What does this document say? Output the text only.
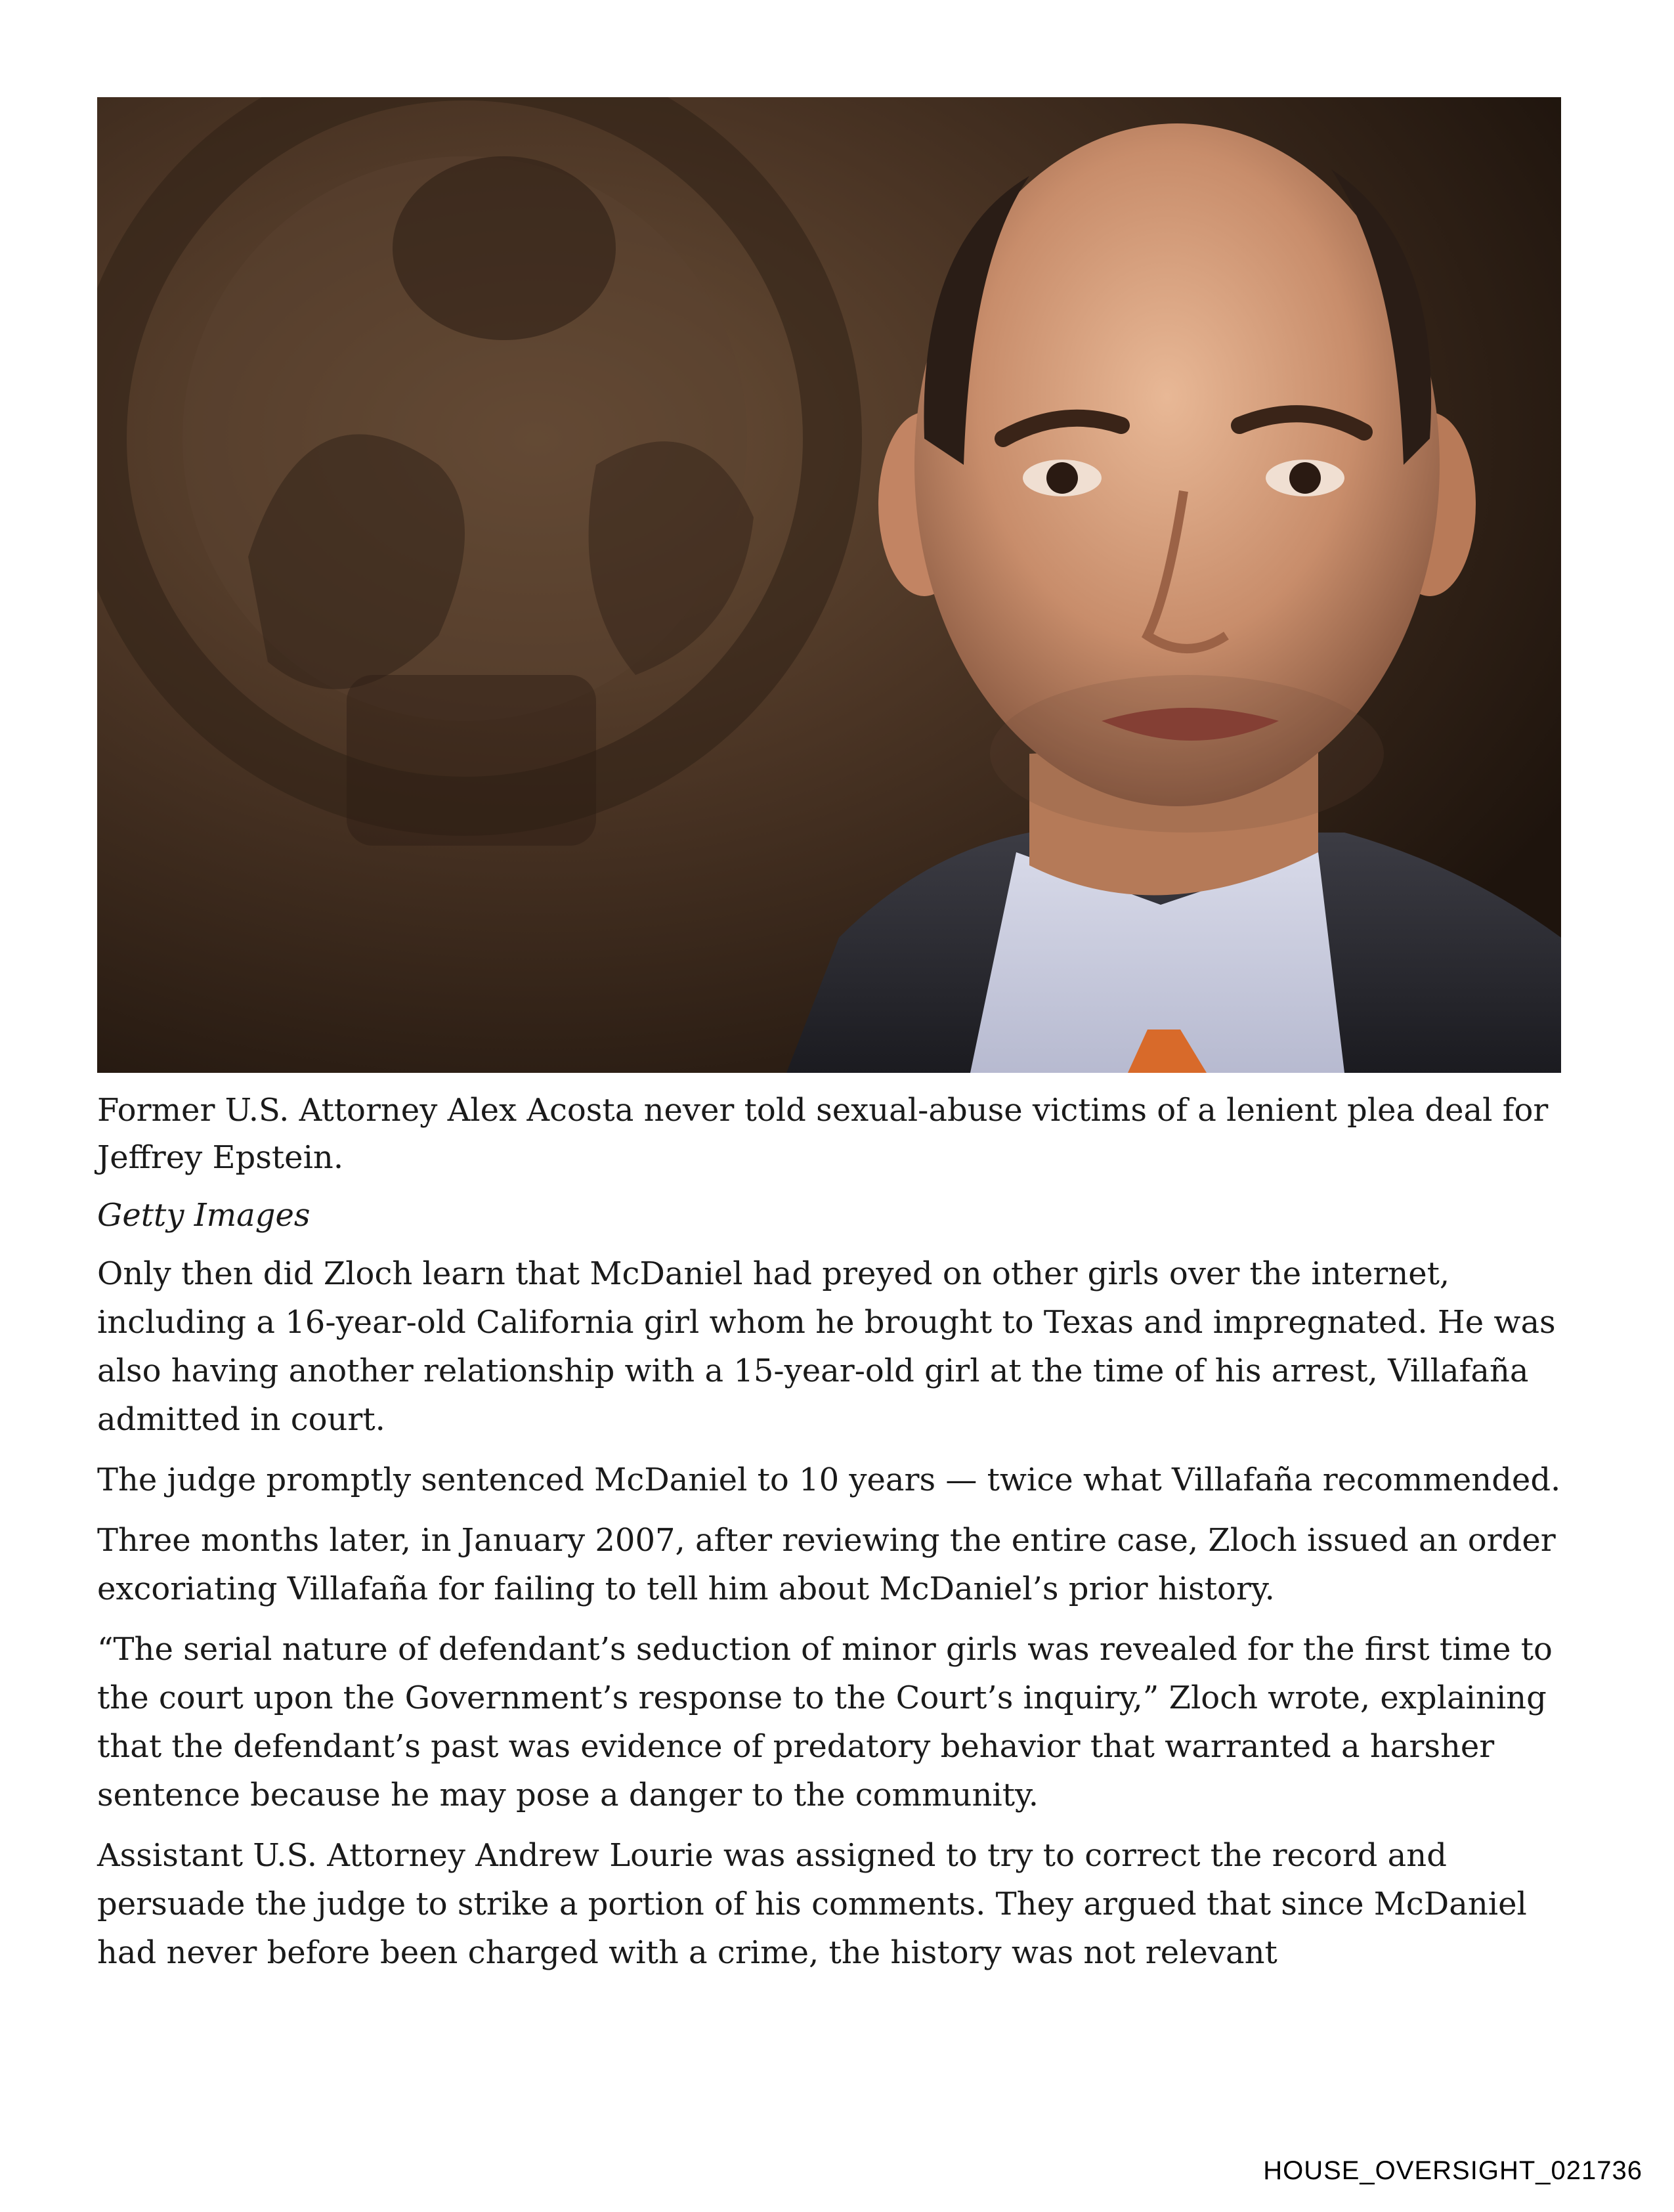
Former U.S. Attorney Alex Acosta never told sexual-abuse victims of a lenient plea deal for Jeffrey Epstein.

Getty Images

Only then did Zloch learn that McDaniel had preyed on other girls over the internet, including a 16-year-old California girl whom he brought to Texas and impregnated. He was also having another relationship with a 15-year-old girl at the time of his arrest, Villafaña admitted in court.

The judge promptly sentenced McDaniel to 10 years — twice what Villafaña recommended.

Three months later, in January 2007, after reviewing the entire case, Zloch issued an order excoriating Villafaña for failing to tell him about McDaniel’s prior history.

“The serial nature of defendant’s seduction of minor girls was revealed for the first time to the court upon the Government’s response to the Court’s inquiry,” Zloch wrote, explaining that the defendant’s past was evidence of predatory behavior that warranted a harsher sentence because he may pose a danger to the community.

Assistant U.S. Attorney Andrew Lourie was assigned to try to correct the record and persuade the judge to strike a portion of his comments. They argued that since McDaniel had never before been charged with a crime, the history was not relevant

HOUSE_OVERSIGHT_021736
